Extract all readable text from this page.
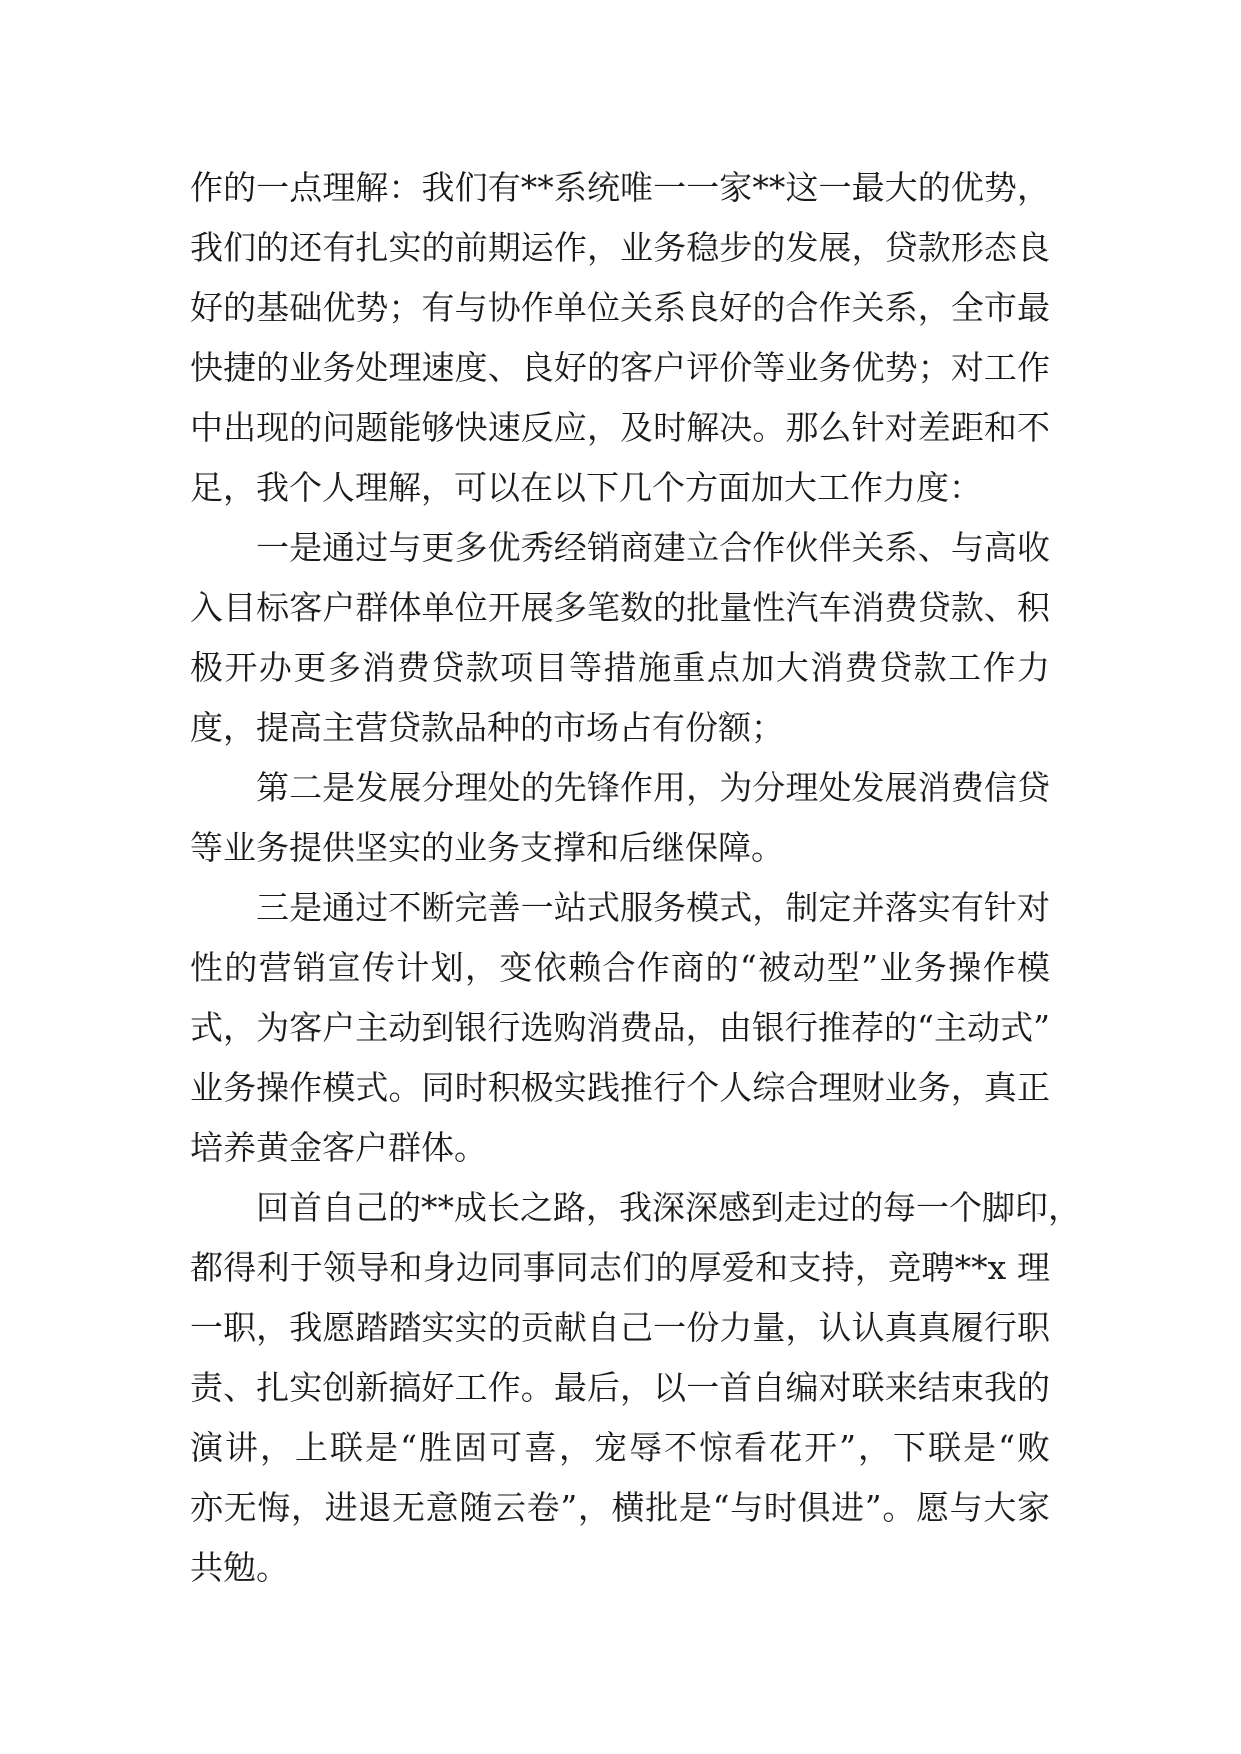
作的一点理解：我们有**系统唯一一家**这一最大的优势，
我们的还有扎实的前期运作，业务稳步的发展，贷款形态良
好的基础优势；有与协作单位关系良好的合作关系，全市最
快捷的业务处理速度、良好的客户评价等业务优势；对工作
中出现的问题能够快速反应，及时解决。那么针对差距和不
足，我个人理解，可以在以下几个方面加大工作力度：
一是通过与更多优秀经销商建立合作伙伴关系、与高收
入目标客户群体单位开展多笔数的批量性汽车消费贷款、积
极开办更多消费贷款项目等措施重点加大消费贷款工作力
度，提高主营贷款品种的市场占有份额；
第二是发展分理处的先锋作用，为分理处发展消费信贷
等业务提供坚实的业务支撑和后继保障。
三是通过不断完善一站式服务模式，制定并落实有针对
性的营销宣传计划，变依赖合作商的“被动型”业务操作模
式，为客户主动到银行选购消费品，由银行推荐的“主动式”
业务操作模式。同时积极实践推行个人综合理财业务，真正
培养黄金客户群体。
回首自己的**成长之路，我深深感到走过的每一个脚印，
都得利于领导和身边同事同志们的厚爱和支持，竞聘**x 理
一职，我愿踏踏实实的贡献自己一份力量，认认真真履行职
责、扎实创新搞好工作。最后，以一首自编对联来结束我的
演讲，上联是“胜固可喜，宠辱不惊看花开”，下联是“败
亦无悔，进退无意随云卷”，横批是“与时俱进”。愿与大家
共勉。
